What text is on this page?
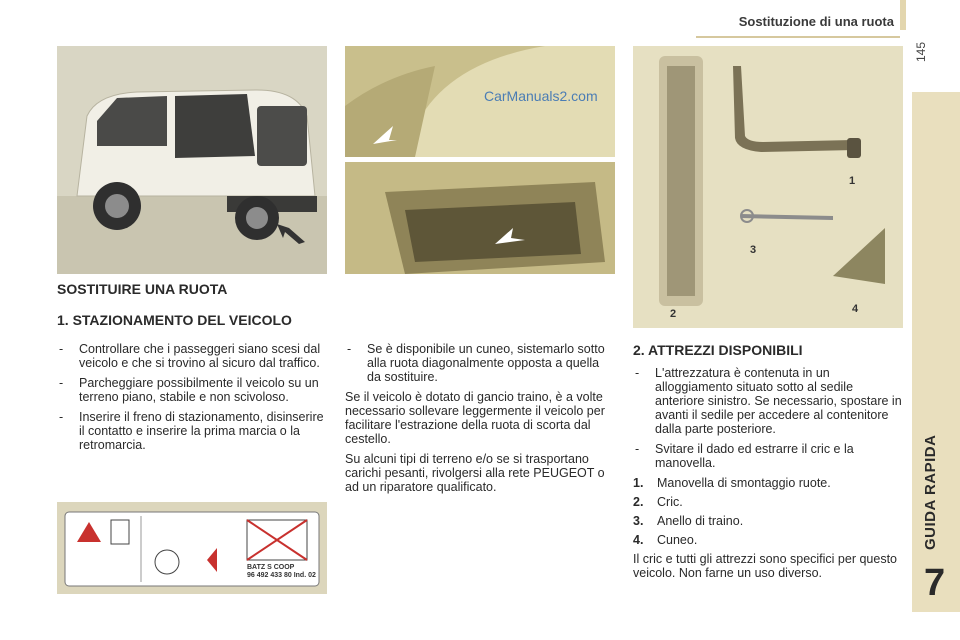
Sostituzione di una ruota
145
GUIDA RAPIDA
7
CarManuals2.com
1
2
3
4
BATZ S COOP
96 492 433 80 Ind. 02
SOSTITUIRE UNA RUOTA
1. STAZIONAMENTO DEL VEICOLO
2. ATTREZZI DISPONIBILI
- Controllare che i passeggeri siano scesi dal veicolo e che si trovino al sicuro dal traffico.
- Parcheggiare possibilmente il veicolo su un terreno piano, stabile e non scivoloso.
- Inserire il freno di stazionamento, disinserire il contatto e inserire la prima marcia o la retromarcia.
- Se è disponibile un cuneo, sistemarlo sotto alla ruota diagonalmente opposta a quella da sostituire.

Se il veicolo è dotato di gancio traino, è a volte necessario sollevare leggermente il veicolo per facilitare l'estrazione della ruota di scorta dal cestello.

Su alcuni tipi di terreno e/o se si trasportano carichi pesanti, rivolgersi alla rete PEUGEOT o ad un riparatore qualificato.

- L'attrezzatura è contenuta in un alloggiamento situato sotto al sedile anteriore sinistro. Se necessario, spostare in avanti il sedile per accedere al contenitore dalla parte posteriore.
- Svitare il dado ed estrarre il cric e la manovella.
1. Manovella di smontaggio ruote.
2. Cric.
3. Anello di traino.
4. Cuneo.

Il cric e tutti gli attrezzi sono specifici per questo veicolo. Non farne un uso diverso.
